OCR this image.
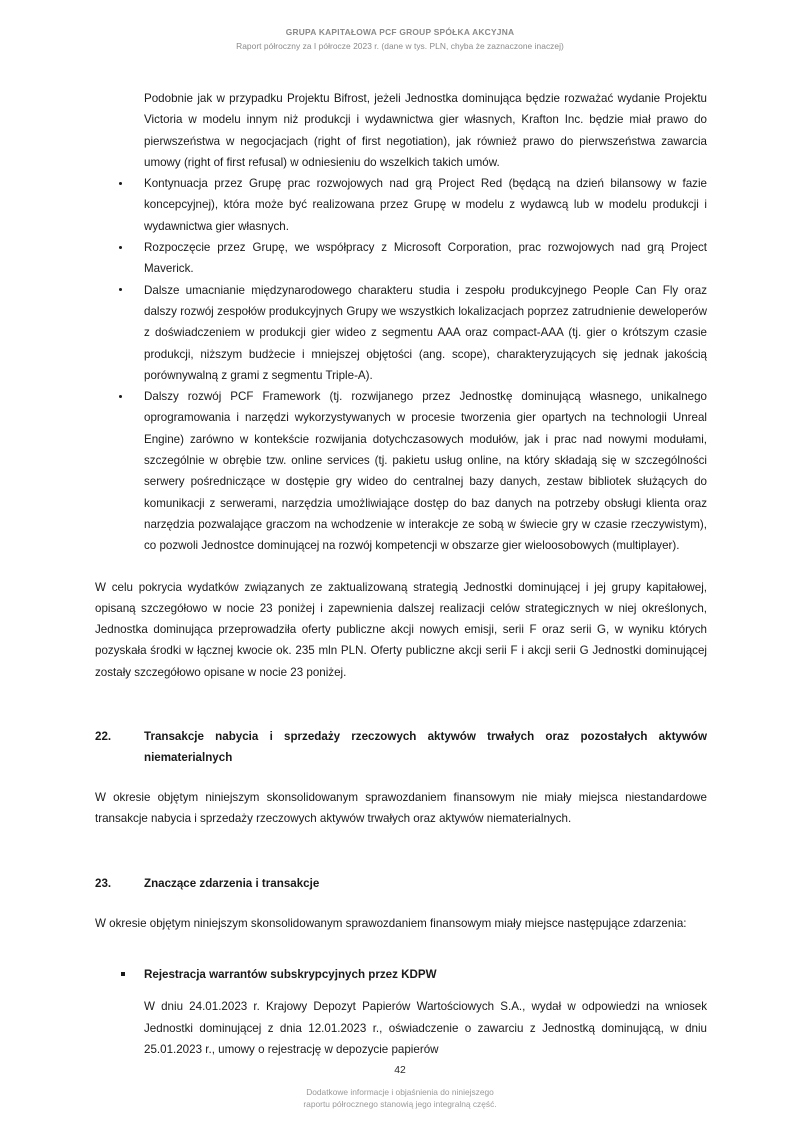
GRUPA KAPITAŁOWA PCF GROUP SPÓŁKA AKCYJNA
Raport półroczny za I półrocze 2023 r. (dane w tys. PLN, chyba że zaznaczone inaczej)

Podobnie jak w przypadku Projektu Bifrost, jeżeli Jednostka dominująca będzie rozważać wydanie Projektu Victoria w modelu innym niż produkcji i wydawnictwa gier własnych, Krafton Inc. będzie miał prawo do pierwszeństwa w negocjacjach (right of first negotiation), jak również prawo do pierwszeństwa zawarcia umowy (right of first refusal) w odniesieniu do wszelkich takich umów.

Kontynuacja przez Grupę prac rozwojowych nad grą Project Red (będącą na dzień bilansowy w fazie koncepcyjnej), która może być realizowana przez Grupę w modelu z wydawcą lub w modelu produkcji i wydawnictwa gier własnych.
Rozpoczęcie przez Grupę, we współpracy z Microsoft Corporation, prac rozwojowych nad grą Project Maverick.
Dalsze umacnianie międzynarodowego charakteru studia i zespołu produkcyjnego People Can Fly oraz dalszy rozwój zespołów produkcyjnych Grupy we wszystkich lokalizacjach poprzez zatrudnienie deweloperów z doświadczeniem w produkcji gier wideo z segmentu AAA oraz compact-AAA (tj. gier o krótszym czasie produkcji, niższym budżecie i mniejszej objętości (ang. scope), charakteryzujących się jednak jakością porównywalną z grami z segmentu Triple-A).
Dalszy rozwój PCF Framework (tj. rozwijanego przez Jednostkę dominującą własnego, unikalnego oprogramowania i narzędzi wykorzystywanych w procesie tworzenia gier opartych na technologii Unreal Engine) zarówno w kontekście rozwijania dotychczasowych modułów, jak i prac nad nowymi modułami, szczególnie w obrębie tzw. online services (tj. pakietu usług online, na który składają się w szczególności serwery pośredniczące w dostępie gry wideo do centralnej bazy danych, zestaw bibliotek służących do komunikacji z serwerami, narzędzia umożliwiające dostęp do baz danych na potrzeby obsługi klienta oraz narzędzia pozwalające graczom na wchodzenie w interakcje ze sobą w świecie gry w czasie rzeczywistym), co pozwoli Jednostce dominującej na rozwój kompetencji w obszarze gier wieloosobowych (multiplayer).

W celu pokrycia wydatków związanych ze zaktualizowaną strategią Jednostki dominującej i jej grupy kapitałowej, opisaną szczegółowo w nocie 23 poniżej i zapewnienia dalszej realizacji celów strategicznych w niej określonych, Jednostka dominująca przeprowadziła oferty publiczne akcji nowych emisji, serii F oraz serii G, w wyniku których pozyskała środki w łącznej kwocie ok. 235 mln PLN. Oferty publiczne akcji serii F i akcji serii G Jednostki dominującej zostały szczegółowo opisane w nocie 23 poniżej.

22.	Transakcje nabycia i sprzedaży rzeczowych aktywów trwałych oraz pozostałych aktywów niematerialnych

W okresie objętym niniejszym skonsolidowanym sprawozdaniem finansowym nie miały miejsca niestandardowe transakcje nabycia i sprzedaży rzeczowych aktywów trwałych oraz aktywów niematerialnych.

23.	Znaczące zdarzenia i transakcje

W okresie objętym niniejszym skonsolidowanym sprawozdaniem finansowym miały miejsce następujące zdarzenia:

Rejestracja warrantów subskrypcyjnych przez KDPW

W dniu 24.01.2023 r. Krajowy Depozyt Papierów Wartościowych S.A., wydał w odpowiedzi na wniosek Jednostki dominującej z dnia 12.01.2023 r., oświadczenie o zawarciu z Jednostką dominującą, w dniu 25.01.2023 r., umowy o rejestrację w depozycie papierów

42
Dodatkowe informacje i objaśnienia do niniejszego
raportu półrocznego stanowią jego integralną część.
